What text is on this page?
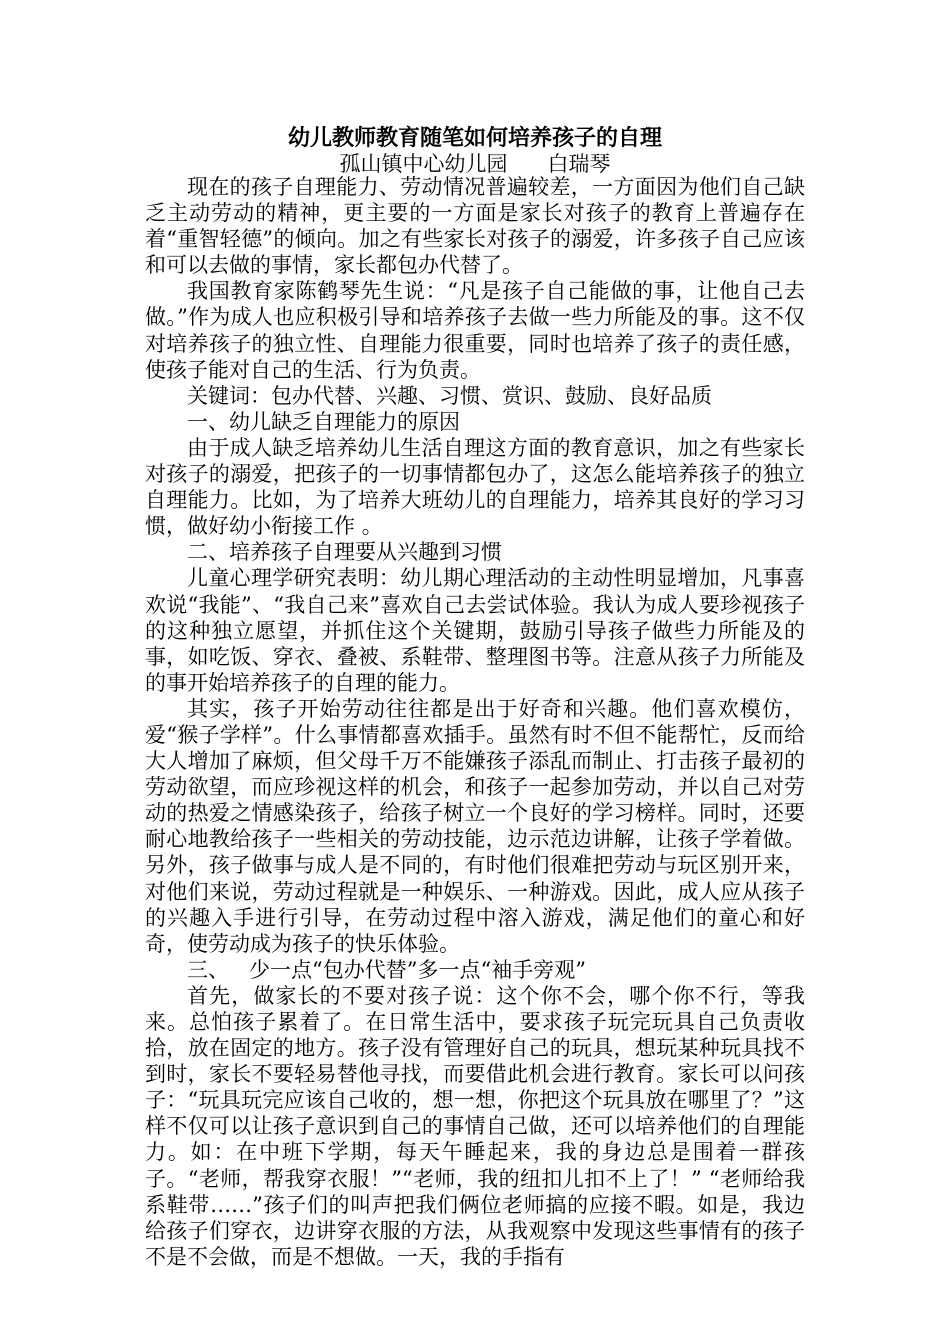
幼儿教师教育随笔如何培养孩子的自理
孤山镇中心幼儿园      白瑞琴

现在的孩子自理能力、劳动情况普遍较差，一方面因为他们自己缺乏主动劳动的精神，更主要的一方面是家长对孩子的教育上普遍存在着“重智轻德”的倾向。加之有些家长对孩子的溺爱，许多孩子自己应该和可以去做的事情，家长都包办代替了。

我国教育家陈鹤琴先生说：“凡是孩子自己能做的事，让他自己去做。”作为成人也应积极引导和培养孩子去做一些力所能及的事。这不仅对培养孩子的独立性、自理能力很重要，同时也培养了孩子的责任感，使孩子能对自己的生活、行为负责。

关键词：包办代替、兴趣、习惯、赏识、鼓励、良好品质

一、幼儿缺乏自理能力的原因

由于成人缺乏培养幼儿生活自理这方面的教育意识，加之有些家长对孩子的溺爱，把孩子的一切事情都包办了，这怎么能培养孩子的独立自理能力。比如，为了培养大班幼儿的自理能力，培养其良好的学习习惯，做好幼小衔接工作 。

二、培养孩子自理要从兴趣到习惯

儿童心理学研究表明：幼儿期心理活动的主动性明显增加，凡事喜欢说“我能”、“我自己来”喜欢自己去尝试体验。我认为成人要珍视孩子的这种独立愿望，并抓住这个关键期，鼓励引导孩子做些力所能及的事，如吃饭、穿衣、叠被、系鞋带、整理图书等。注意从孩子力所能及的事开始培养孩子的自理的能力。

其实，孩子开始劳动往往都是出于好奇和兴趣。他们喜欢模仿，爱“猴子学样”。什么事情都喜欢插手。虽然有时不但不能帮忙，反而给大人增加了麻烦，但父母千万不能嫌孩子添乱而制止、打击孩子最初的劳动欲望，而应珍视这样的机会，和孩子一起参加劳动，并以自己对劳动的热爱之情感染孩子，给孩子树立一个良好的学习榜样。同时，还要耐心地教给孩子一些相关的劳动技能，边示范边讲解，让孩子学着做。另外，孩子做事与成人是不同的，有时他们很难把劳动与玩区别开来，对他们来说，劳动过程就是一种娱乐、一种游戏。因此，成人应从孩子的兴趣入手进行引导，在劳动过程中溶入游戏，满足他们的童心和好奇，使劳动成为孩子的快乐体验。

三、   少一点“包办代替”多一点“袖手旁观”

首先，做家长的不要对孩子说：这个你不会，哪个你不行，等我来。总怕孩子累着了。在日常生活中，要求孩子玩完玩具自己负责收拾，放在固定的地方。孩子没有管理好自己的玩具，想玩某种玩具找不到时，家长不要轻易替他寻找，而要借此机会进行教育。家长可以问孩子：“玩具玩完应该自己收的，想一想，你把这个玩具放在哪里了？”这样不仅可以让孩子意识到自己的事情自己做，还可以培养他们的自理能力。如：在中班下学期，每天午睡起来，我的身边总是围着一群孩子。“老师，帮我穿衣服！”“老师，我的纽扣儿扣不上了！” “老师给我系鞋带……”孩子们的叫声把我们俩位老师搞的应接不暇。如是，我边给孩子们穿衣，边讲穿衣服的方法，从我观察中发现这些事情有的孩子不是不会做，而是不想做。一天，我的手指有
